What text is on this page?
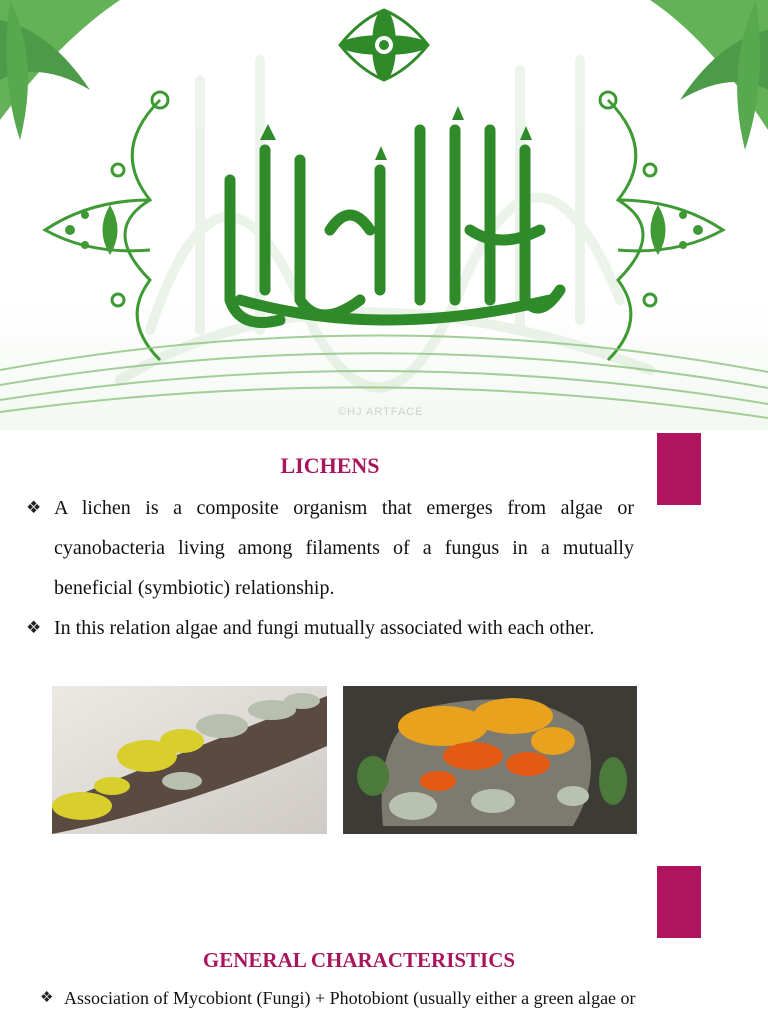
©HJ ARTFACE
LICHENS
❖ A lichen is a composite organism that emerges from algae or cyanobacteria living among filaments of a fungus in a mutually beneficial (symbiotic) relationship.
❖ In this relation algae and fungi mutually associated with each other.
GENERAL CHARACTERISTICS
❖ Association of Mycobiont (Fungi) + Photobiont (usually either a green algae or
